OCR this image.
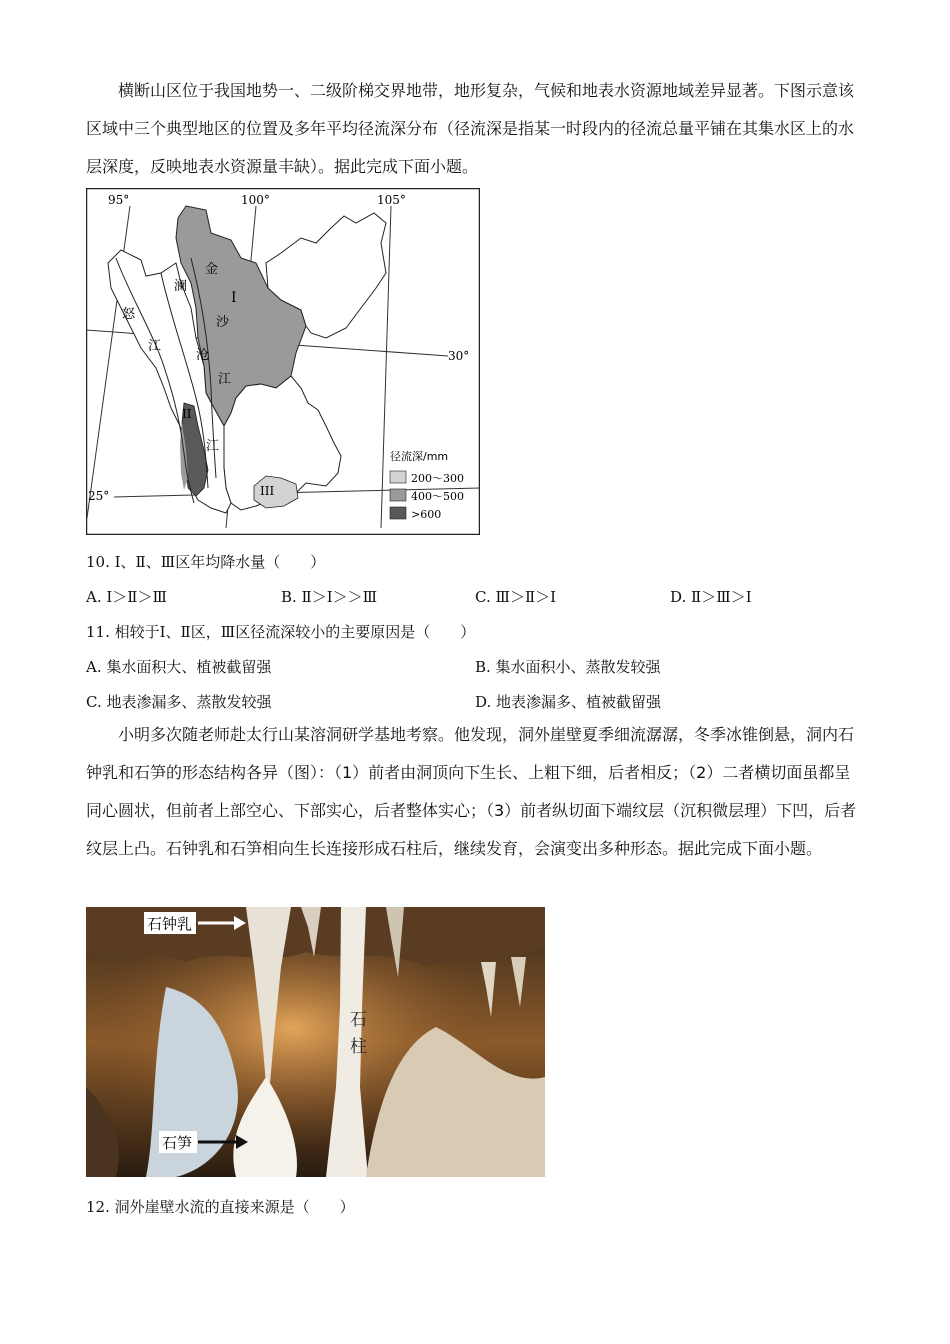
横断山区位于我国地势一、二级阶梯交界地带，地形复杂，气候和地表水资源地域差异显著。下图示意该区域中三个典型地区的位置及多年平均径流深分布（径流深是指某一时段内的径流总量平铺在其集水区上的水层深度，反映地表水资源量丰缺）。据此完成下面小题。

95°	100°	105°
30°
25°
怒
江
澜
沧
江
金
沙
江
I
II
III
径流深/mm
200～300
400～500
>600

10. Ⅰ、Ⅱ、Ⅲ区年均降水量（　　）

A. Ⅰ＞Ⅱ＞Ⅲ	B. Ⅱ＞Ⅰ＞＞Ⅲ	C. Ⅲ＞Ⅱ＞Ⅰ	D. Ⅱ＞Ⅲ＞Ⅰ

11. 相较于Ⅰ、Ⅱ区，Ⅲ区径流深较小的主要原因是（　　）

A. 集水面积大、植被截留强	B. 集水面积小、蒸散发较强
C. 地表渗漏多、蒸散发较强	D. 地表渗漏多、植被截留强

小明多次随老师赴太行山某溶洞研学基地考察。他发现，洞外崖壁夏季细流潺潺，冬季冰锥倒悬，洞内石钟乳和石笋的形态结构各异（图）：（1）前者由洞顶向下生长、上粗下细，后者相反；（2）二者横切面虽都呈同心圆状，但前者上部空心、下部实心，后者整体实心；（3）前者纵切面下端纹层（沉积微层理）下凹，后者纹层上凸。石钟乳和石笋相向生长连接形成石柱后，继续发育，会演变出多种形态。据此完成下面小题。

石钟乳
石
柱
石笋

12. 洞外崖壁水流的直接来源是（　　）
